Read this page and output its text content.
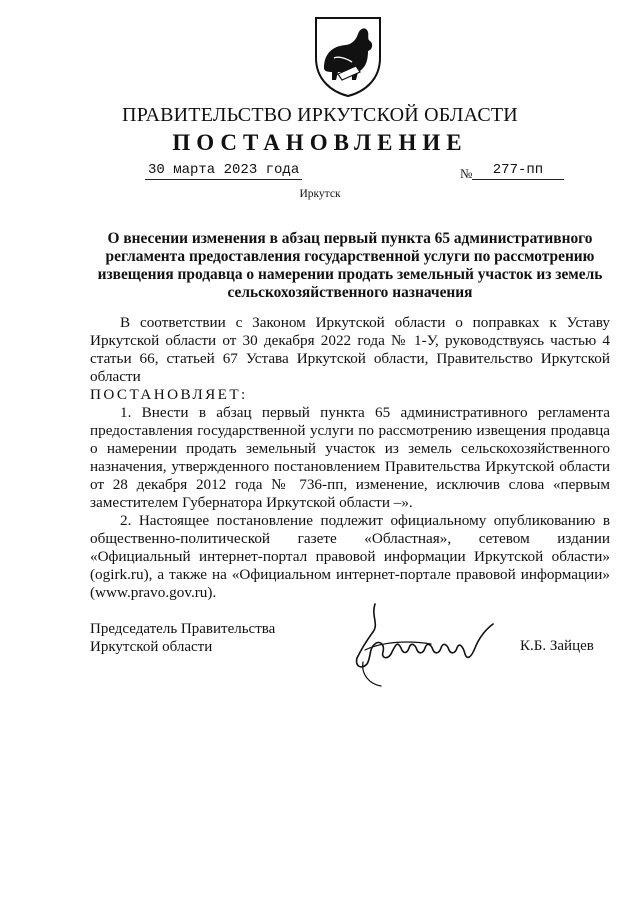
ПРАВИТЕЛЬСТВО ИРКУТСКОЙ ОБЛАСТИ
ПОСТАНОВЛЕНИЕ
30 марта 2023 года	№	277-пп
Иркутск
О внесении изменения в абзац первый пункта 65 административного регламента предоставления государственной услуги по рассмотрению извещения продавца о намерении продать земельный участок из земель сельскохозяйственного назначения

В соответствии с Законом Иркутской области о поправках к Уставу Иркутской области от 30 декабря 2022 года № 1-У, руководствуясь частью 4 статьи 66, статьей 67 Устава Иркутской области, Правительство Иркутской области

ПОСТАНОВЛЯЕТ:

1. Внести в абзац первый пункта 65 административного регламента предоставления государственной услуги по рассмотрению извещения продавца о намерении продать земельный участок из земель сельскохозяйственного назначения, утвержденного постановлением Правительства Иркутской области от 28 декабря 2012 года № 736-пп, изменение, исключив слова «первым заместителем Губернатора Иркутской области –».

2. Настоящее постановление подлежит официальному опубликованию в общественно-политической газете «Областная», сетевом издании «Официальный интернет-портал правовой информации Иркутской области» (ogirk.ru), а также на «Официальном интернет-портале правовой информации» (www.pravo.gov.ru).

Председатель Правительства
Иркутской области	К.Б. Зайцев
